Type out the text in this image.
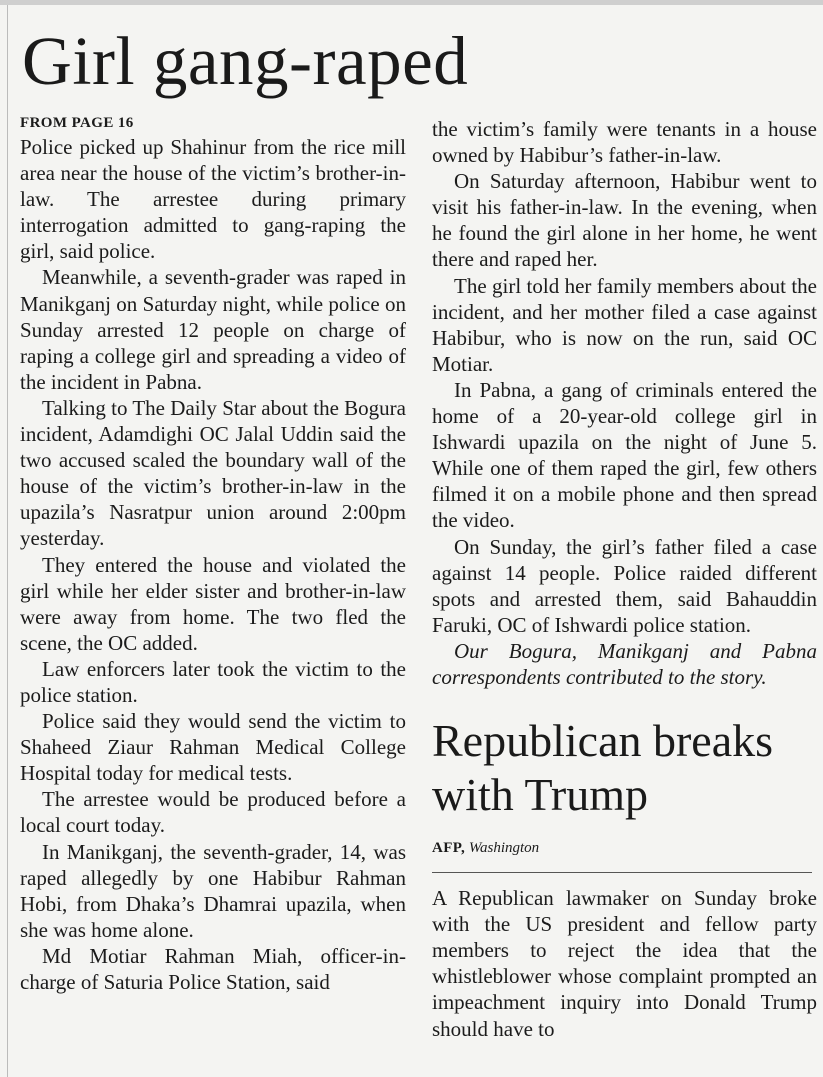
Girl gang-raped
FROM PAGE 16

Police picked up Shahinur from the rice mill area near the house of the victim’s brother-in-law. The arrestee during primary interrogation admitted to gang-raping the girl, said police.

Meanwhile, a seventh-grader was raped in Manikganj on Saturday night, while police on Sunday arrested 12 people on charge of raping a college girl and spreading a video of the incident in Pabna.

Talking to The Daily Star about the Bogura incident, Adamdighi OC Jalal Uddin said the two accused scaled the boundary wall of the house of the victim’s brother-in-law in the upazila’s Nasratpur union around 2:00pm yesterday.

They entered the house and violated the girl while her elder sister and brother-in-law were away from home. The two fled the scene, the OC added.

Law enforcers later took the victim to the police station.

Police said they would send the victim to Shaheed Ziaur Rahman Medical College Hospital today for medical tests.

The arrestee would be produced before a local court today.

In Manikganj, the seventh-grader, 14, was raped allegedly by one Habibur Rahman Hobi, from Dhaka’s Dhamrai upazila, when she was home alone.

Md Motiar Rahman Miah, officer-in-charge of Saturia Police Station, said

the victim’s family were tenants in a house owned by Habibur’s father-in-law.

On Saturday afternoon, Habibur went to visit his father-in-law. In the evening, when he found the girl alone in her home, he went there and raped her.

The girl told her family members about the incident, and her mother filed a case against Habibur, who is now on the run, said OC Motiar.

In Pabna, a gang of criminals entered the home of a 20-year-old college girl in Ishwardi upazila on the night of June 5. While one of them raped the girl, few others filmed it on a mobile phone and then spread the video.

On Sunday, the girl’s father filed a case against 14 people. Police raided different spots and arrested them, said Bahauddin Faruki, OC of Ishwardi police station.

Our Bogura, Manikganj and Pabna correspondents contributed to the story.

Republican breaks with Trump
AFP, Washington

A Republican lawmaker on Sunday broke with the US president and fellow party members to reject the idea that the whistleblower whose complaint prompted an impeachment inquiry into Donald Trump should have to
